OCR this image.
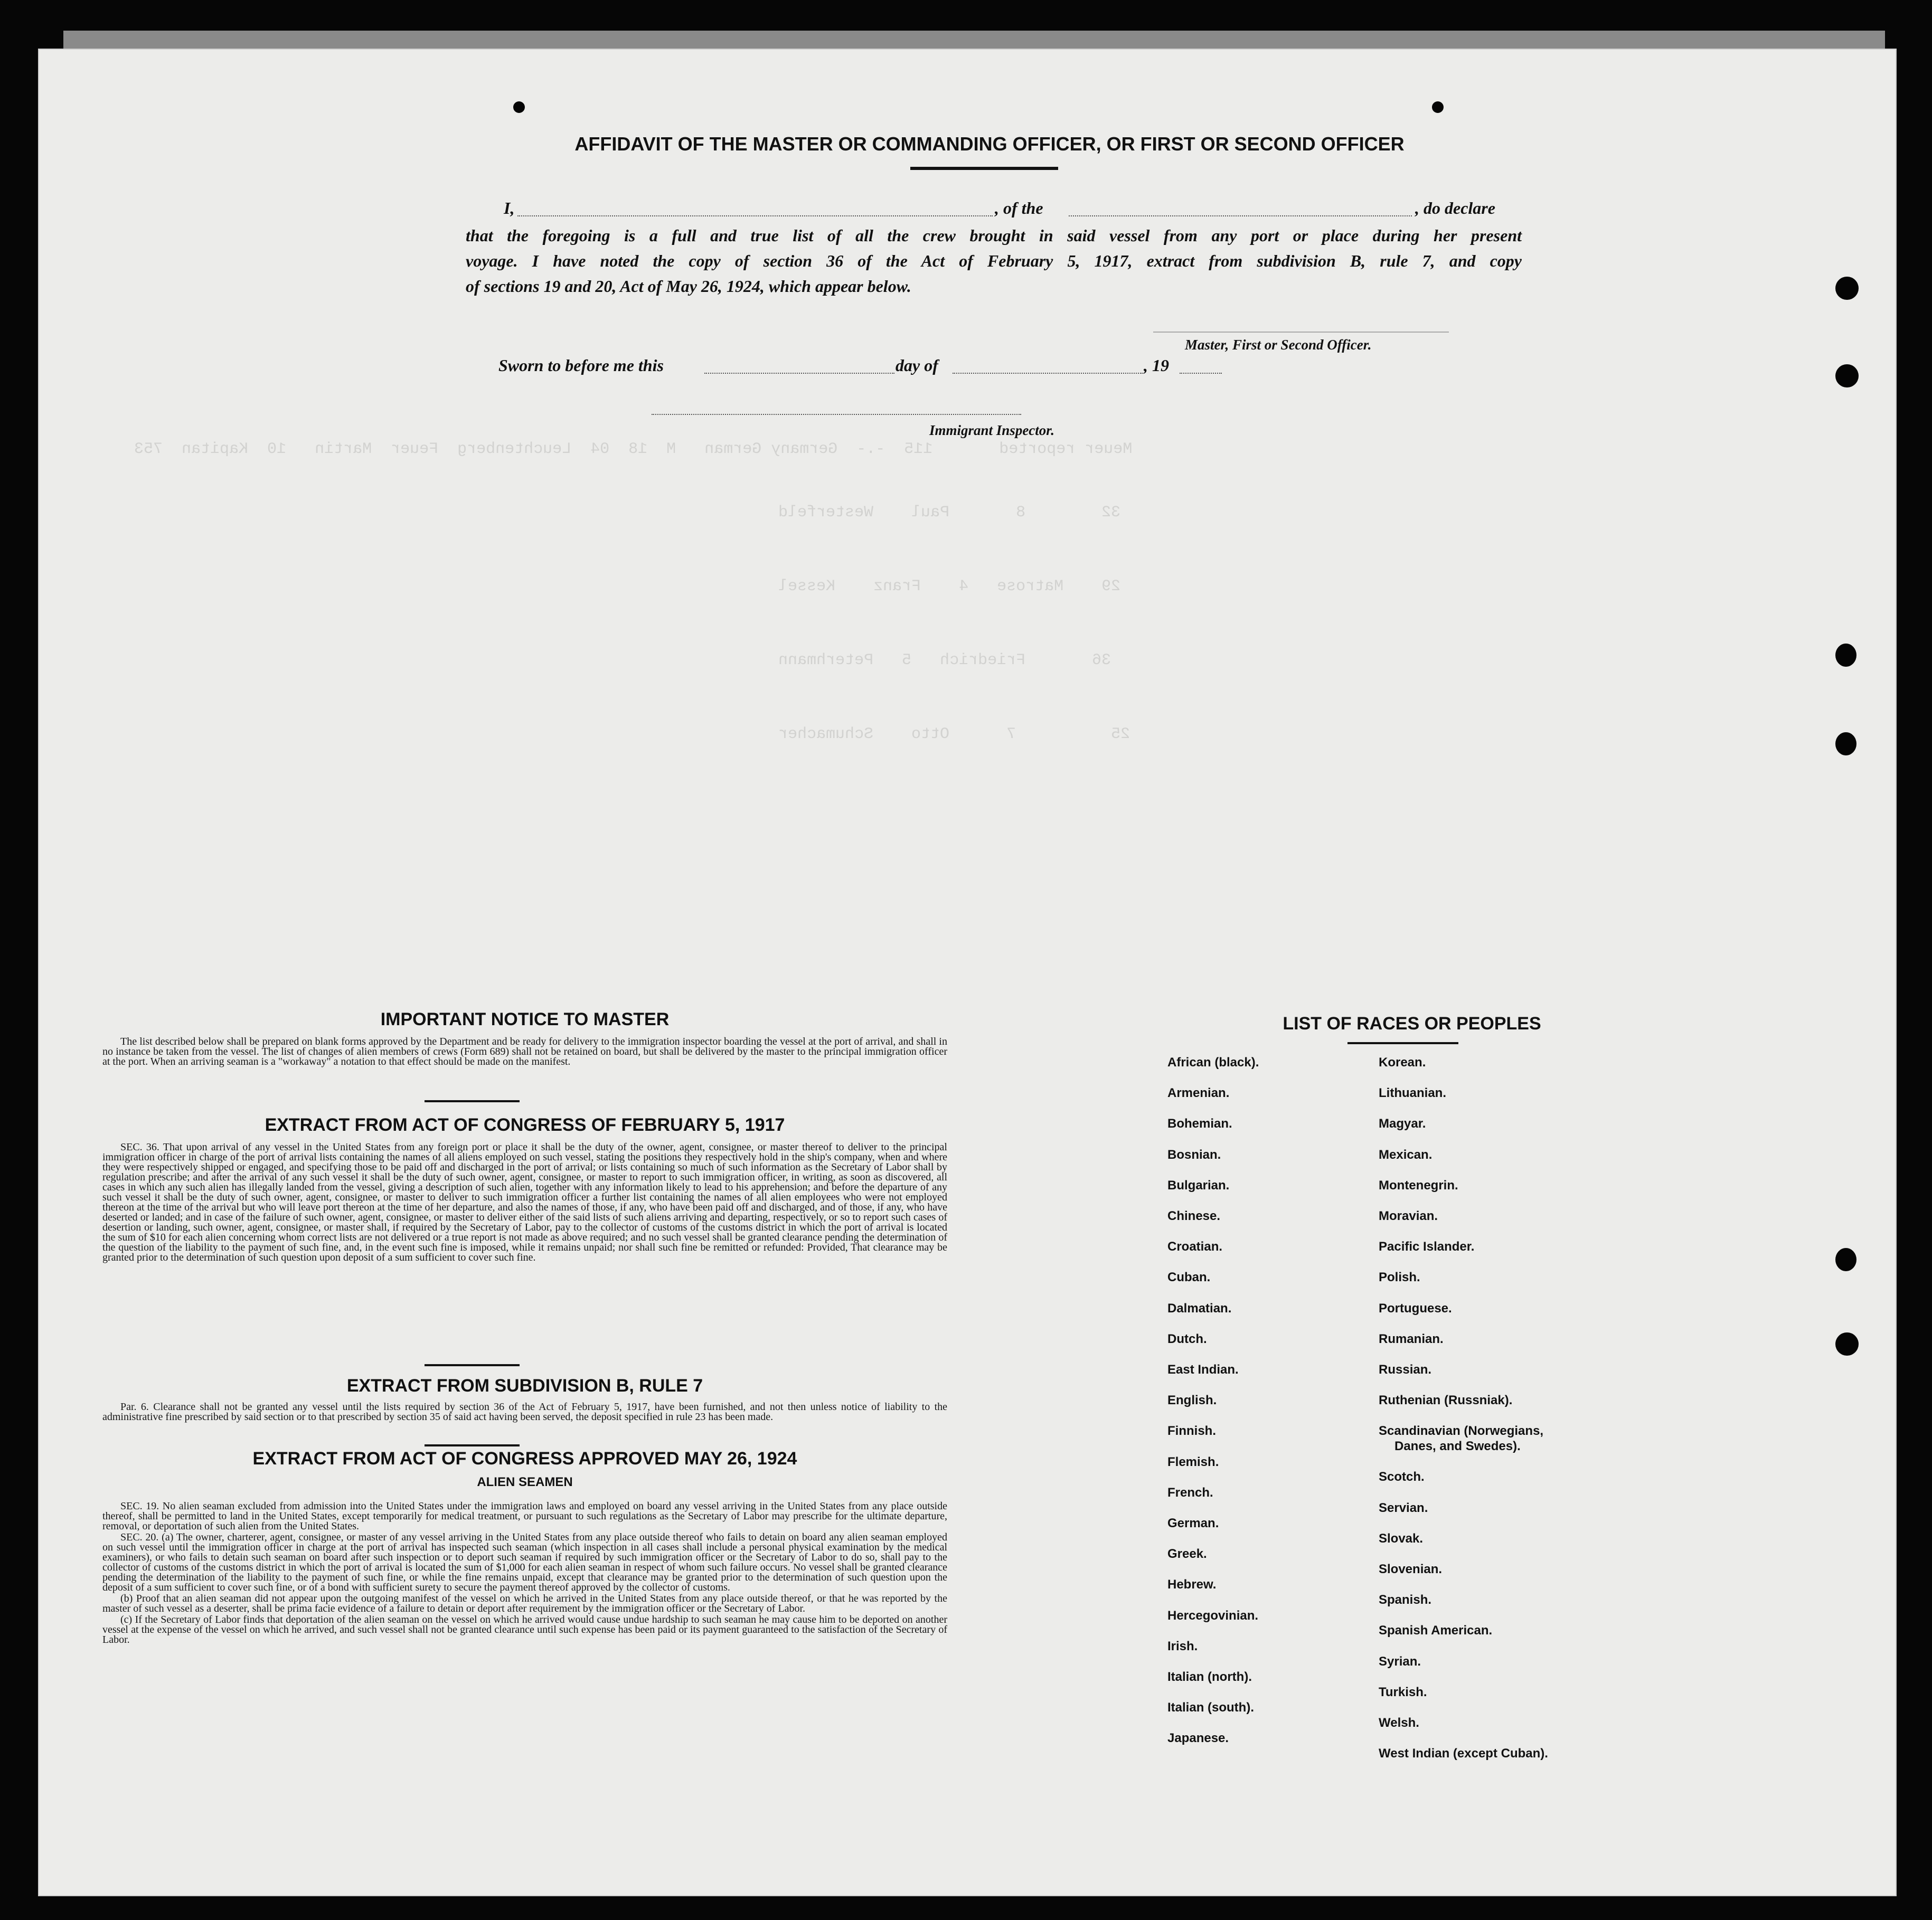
Meuer reported       115  -.-  Germany German   M  18  04  Leuchtenberg  Feuer  Martin   10  Kapitan  753
32        8       Paul    Westerfeld
29    Matrose   4    Franz    Kessel
36       Friedrich   5   Peterhmann
25          7      Otto    Schumacher
AFFIDAVIT OF THE MASTER OR COMMANDING OFFICER, OR FIRST OR SECOND OFFICER
I,	, of the	, do declare
that the foregoing is a full and true list of all the crew brought in said vessel from any port or place during her present
voyage. I have noted the copy of section 36 of the Act of February 5, 1917, extract from subdivision B, rule 7, and copy
of sections 19 and 20, Act of May 26, 1924, which appear below.
Master, First or Second Officer.
Sworn to before me this	day of	, 19
Immigrant Inspector.
IMPORTANT NOTICE TO MASTER

The list described below shall be prepared on blank forms approved by the Department and be ready for delivery to the immigration inspector boarding the vessel at the port of arrival, and shall in no instance be taken from the vessel. The list of changes of alien members of crews (Form 689) shall not be retained on board, but shall be delivered by the master to the principal immigration officer at the port. When an arriving seaman is a "workaway" a notation to that effect should be made on the manifest.

EXTRACT FROM ACT OF CONGRESS OF FEBRUARY 5, 1917

SEC. 36. That upon arrival of any vessel in the United States from any foreign port or place it shall be the duty of the owner, agent, consignee, or master thereof to deliver to the principal immigration officer in charge of the port of arrival lists containing the names of all aliens employed on such vessel, stating the positions they respectively hold in the ship's company, when and where they were respectively shipped or engaged, and specifying those to be paid off and discharged in the port of arrival; or lists containing so much of such information as the Secretary of Labor shall by regulation prescribe; and after the arrival of any such vessel it shall be the duty of such owner, agent, consignee, or master to report to such immigration officer, in writing, as soon as discovered, all cases in which any such alien has illegally landed from the vessel, giving a description of such alien, together with any information likely to lead to his apprehension; and before the departure of any such vessel it shall be the duty of such owner, agent, consignee, or master to deliver to such immigration officer a further list containing the names of all alien employees who were not employed thereon at the time of the arrival but who will leave port thereon at the time of her departure, and also the names of those, if any, who have been paid off and discharged, and of those, if any, who have deserted or landed; and in case of the failure of such owner, agent, consignee, or master to deliver either of the said lists of such aliens arriving and departing, respectively, or so to report such cases of desertion or landing, such owner, agent, consignee, or master shall, if required by the Secretary of Labor, pay to the collector of customs of the customs district in which the port of arrival is located the sum of $10 for each alien concerning whom correct lists are not delivered or a true report is not made as above required; and no such vessel shall be granted clearance pending the determination of the question of the liability to the payment of such fine, and, in the event such fine is imposed, while it remains unpaid; nor shall such fine be remitted or refunded: Provided, That clearance may be granted prior to the determination of such question upon deposit of a sum sufficient to cover such fine.

EXTRACT FROM SUBDIVISION B, RULE 7

Par. 6. Clearance shall not be granted any vessel until the lists required by section 36 of the Act of February 5, 1917, have been furnished, and not then unless notice of liability to the administrative fine prescribed by said section or to that prescribed by section 35 of said act having been served, the deposit specified in rule 23 has been made.

EXTRACT FROM ACT OF CONGRESS APPROVED MAY 26, 1924
ALIEN SEAMEN

SEC. 19. No alien seaman excluded from admission into the United States under the immigration laws and employed on board any vessel arriving in the United States from any place outside thereof, shall be permitted to land in the United States, except temporarily for medical treatment, or pursuant to such regulations as the Secretary of Labor may prescribe for the ultimate departure, removal, or deportation of such alien from the United States.

SEC. 20. (a) The owner, charterer, agent, consignee, or master of any vessel arriving in the United States from any place outside thereof who fails to detain on board any alien seaman employed on such vessel until the immigration officer in charge at the port of arrival has inspected such seaman (which inspection in all cases shall include a personal physical examination by the medical examiners), or who fails to detain such seaman on board after such inspection or to deport such seaman if required by such immigration officer or the Secretary of Labor to do so, shall pay to the collector of customs of the customs district in which the port of arrival is located the sum of $1,000 for each alien seaman in respect of whom such failure occurs. No vessel shall be granted clearance pending the determination of the liability to the payment of such fine, or while the fine remains unpaid, except that clearance may be granted prior to the determination of such question upon the deposit of a sum sufficient to cover such fine, or of a bond with sufficient surety to secure the payment thereof approved by the collector of customs.

(b) Proof that an alien seaman did not appear upon the outgoing manifest of the vessel on which he arrived in the United States from any place outside thereof, or that he was reported by the master of such vessel as a deserter, shall be prima facie evidence of a failure to detain or deport after requirement by the immigration officer or the Secretary of Labor.

(c) If the Secretary of Labor finds that deportation of the alien seaman on the vessel on which he arrived would cause undue hardship to such seaman he may cause him to be deported on another vessel at the expense of the vessel on which he arrived, and such vessel shall not be granted clearance until such expense has been paid or its payment guaranteed to the satisfaction of the Secretary of Labor.

LIST OF RACES OR PEOPLES
African (black).
Armenian.
Bohemian.
Bosnian.
Bulgarian.
Chinese.
Croatian.
Cuban.
Dalmatian.
Dutch.
East Indian.
English.
Finnish.
Flemish.
French.
German.
Greek.
Hebrew.
Hercegovinian.
Irish.
Italian (north).
Italian (south).
Japanese.
Korean.
Lithuanian.
Magyar.
Mexican.
Montenegrin.
Moravian.
Pacific Islander.
Polish.
Portuguese.
Rumanian.
Russian.
Ruthenian (Russniak).
Scandinavian (Norwegians,
Danes, and Swedes).
Scotch.
Servian.
Slovak.
Slovenian.
Spanish.
Spanish American.
Syrian.
Turkish.
Welsh.
West Indian (except Cuban).
